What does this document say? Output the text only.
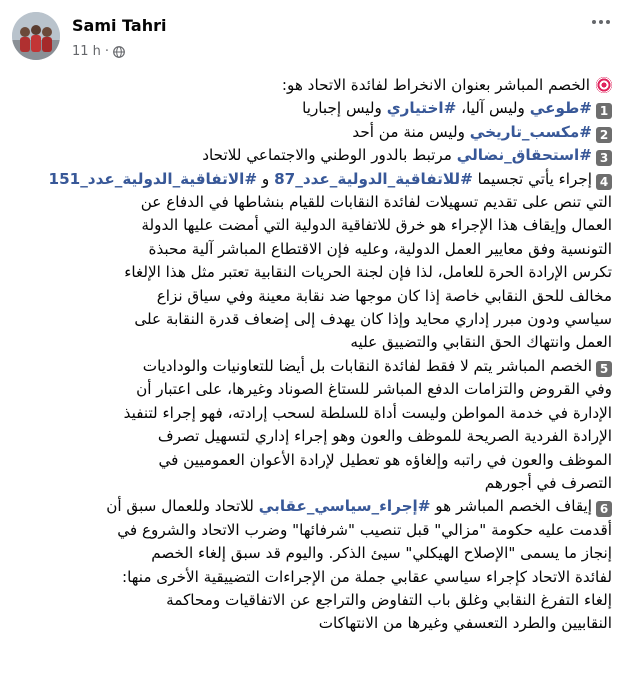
Sami Tahri
11 h ·
الخصم المباشر بعنوان الانخراط لفائدة الاتحاد هو:
1#طوعي وليس آليا، #اختياري وليس إجباريا
2#مكسب_تاريخي وليس منة من أحد
3#استحقاق_نضالي مرتبط بالدور الوطني والاجتماعي للاتحاد
4إجراء يأتي تجسيما #للاتفاقية_الدولية_عدد_87 و #الاتفاقية_الدولية_عدد_151
التي تنص على تقديم تسهيلات لفائدة النقابات للقيام بنشاطها في الدفاع عن
العمال وإيقاف هذا الإجراء هو خرق للاتفاقية الدولية التي أمضت عليها الدولة
التونسية وفق معايير العمل الدولية، وعليه فإن الاقتطاع المباشر آلية محبذة
تكرس الإرادة الحرة للعامل، لذا فإن لجنة الحريات النقابية تعتبر مثل هذا الإلغاء
مخالف للحق النقابي خاصة إذا كان موجها ضد نقابة معينة وفي سياق نزاع
سياسي ودون مبرر إداري محايد وإذا كان يهدف إلى إضعاف قدرة النقابة على
العمل وانتهاك الحق النقابي والتضييق عليه
5الخصم المباشر يتم لا فقط لفائدة النقابات بل أيضا للتعاونيات والوداديات
وفي القروض والتزامات الدفع المباشر للستاغ الصوناد وغيرها، على اعتبار أن
الإدارة في خدمة المواطن وليست أداة للسلطة لسحب إرادته، فهو إجراء لتنفيذ
الإرادة الفردية الصريحة للموظف والعون وهو إجراء إداري لتسهيل تصرف
الموظف والعون في راتبه وإلغاؤه هو تعطيل لإرادة الأعوان العموميين في
التصرف في أجورهم
6إيقاف الخصم المباشر هو #إجراء_سياسي_عقابي للاتحاد وللعمال سبق أن
أقدمت عليه حكومة "مزالي" قبل تنصيب "شرفائها" وضرب الاتحاد والشروع في
إنجاز ما يسمى "الإصلاح الهيكلي" سيئ الذكر. واليوم قد سبق إلغاء الخصم
لفائدة الاتحاد كإجراء سياسي عقابي جملة من الإجراءات التضييقية الأخرى منها:
إلغاء التفرغ النقابي وغلق باب التفاوض والتراجع عن الاتفاقيات ومحاكمة
النقابيين والطرد التعسفي وغيرها من الانتهاكات
